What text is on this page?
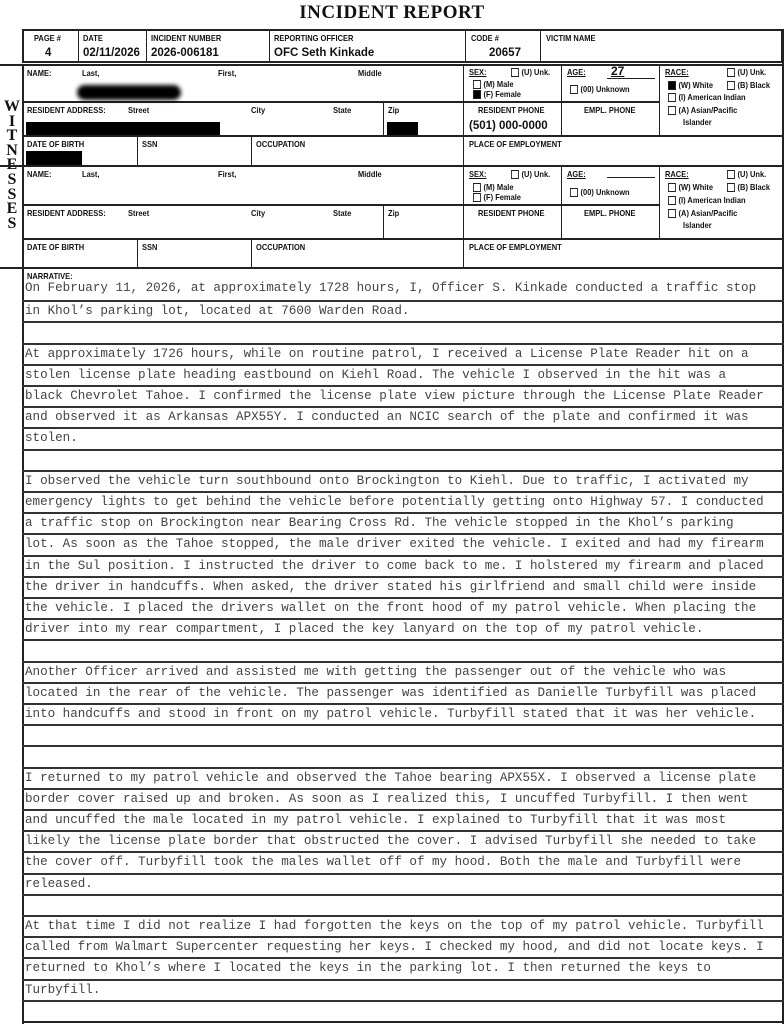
INCIDENT REPORT
PAGE #
4
DATE
02/11/2026
INCIDENT NUMBER
2026-006181
REPORTING OFFICER
OFC Seth Kinkade
CODE #
20657
VICTIM NAME
W
I
T
N
E
S
S
E
S
NAME:	Last,	First,	Middle	SEX:	(U) Unk.
(M) Male
(F) Female
AGE:	27
(00) Unknown
RACE:	(U) Unk.
(W) White	(B) Black
(I) American Indian
(A) Asian/Pacific
Islander
RESIDENT ADDRESS:	Street	City	State	Zip	RESIDENT PHONE
(501) 000-0000
EMPL. PHONE
DATE OF BIRTH	SSN	OCCUPATION	PLACE OF EMPLOYMENT
NAME:	Last,	First,	Middle	SEX:	(U) Unk.
(M) Male
(F) Female
AGE:
(00) Unknown
RACE:	(U) Unk.
(W) White	(B) Black
(I) American Indian
(A) Asian/Pacific
Islander
RESIDENT ADDRESS:	Street	City	State	Zip	RESIDENT PHONE	EMPL. PHONE
DATE OF BIRTH	SSN	OCCUPATION	PLACE OF EMPLOYMENT
NARRATIVE:
On February 11, 2026, at approximately 1728 hours, I, Officer S. Kinkade conducted a traffic stop
in Khol’s parking lot, located at 7600 Warden Road.
At approximately 1726 hours, while on routine patrol, I received a License Plate Reader hit on a
stolen license plate heading eastbound on Kiehl Road. The vehicle I observed in the hit was a
black Chevrolet Tahoe. I confirmed the license plate view picture through the License Plate Reader
and observed it as Arkansas APX55Y. I conducted an NCIC search of the plate and confirmed it was
stolen.
I observed the vehicle turn southbound onto Brockington to Kiehl. Due to traffic, I activated my
emergency lights to get behind the vehicle before potentially getting onto Highway 57. I conducted
a traffic stop on Brockington near Bearing Cross Rd. The vehicle stopped in the Khol’s parking
lot. As soon as the Tahoe stopped, the male driver exited the vehicle. I exited and had my firearm
in the Sul position. I instructed the driver to come back to me. I holstered my firearm and placed
the driver in handcuffs. When asked, the driver stated his girlfriend and small child were inside
the vehicle. I placed the drivers wallet on the front hood of my patrol vehicle. When placing the
driver into my rear compartment, I placed the key lanyard on the top of my patrol vehicle.
Another Officer arrived and assisted me with getting the passenger out of the vehicle who was
located in the rear of the vehicle. The passenger was identified as Danielle Turbyfill was placed
into handcuffs and stood in front on my patrol vehicle. Turbyfill stated that it was her vehicle.
I returned to my patrol vehicle and observed the Tahoe bearing APX55X. I observed a license plate
border cover raised up and broken. As soon as I realized this, I uncuffed Turbyfill. I then went
and uncuffed the male located in my patrol vehicle. I explained to Turbyfill that it was most
likely the license plate border that obstructed the cover. I advised Turbyfill she needed to take
the cover off. Turbyfill took the males wallet off of my hood. Both the male and Turbyfill were
released.
At that time I did not realize I had forgotten the keys on the top of my patrol vehicle. Turbyfill
called from Walmart Supercenter requesting her keys. I checked my hood, and did not locate keys. I
returned to Khol’s where I located the keys in the parking lot. I then returned the keys to
Turbyfill.
